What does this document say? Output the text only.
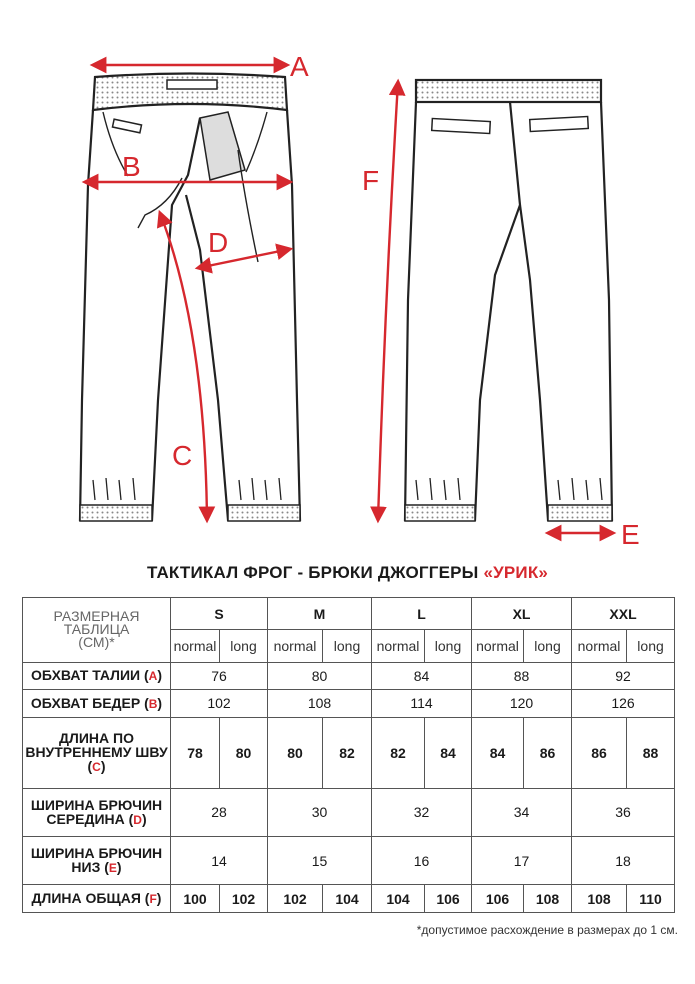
A
B
C
D
E
F
ТАКТИКАЛ ФРОГ - БРЮКИ ДЖОГГЕРЫ «УРИК»
РАЗМЕРНАЯ ТАБЛИЦА
(СМ)*	S		M		L		XL		XXL	
	normal	long	normal	long	normal	long	normal	long	normal	long
ОБХВАТ ТАЛИИ (A)	76		80		84		88		92	
ОБХВАТ БЕДЕР (B)	102		108		114		120		126	
ДЛИНА ПО ВНУТРЕННЕМУ ШВУ (C)	78	80	80	82	82	84	84	86	86	88
ШИРИНА БРЮЧИН СЕРЕДИНА (D)	28		30		32		34		36	
ШИРИНА БРЮЧИН НИЗ (E)	14		15		16		17		18	
ДЛИНА ОБЩАЯ (F)	100	102	102	104	104	106	106	108	108	110
*допустимое расхождение в размерах до 1 см.
